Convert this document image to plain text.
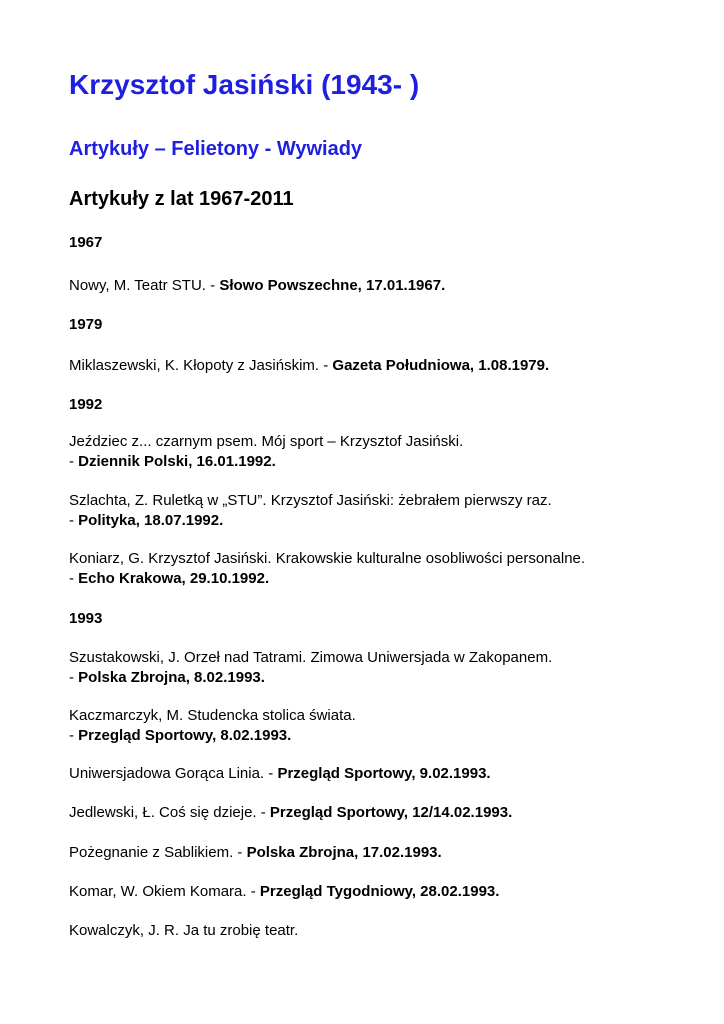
Krzysztof Jasiński (1943- )
Artykuły – Felietony - Wywiady
Artykuły z lat 1967-2011
1967
Nowy, M. Teatr STU. - Słowo Powszechne, 17.01.1967.
1979
Miklaszewski, K. Kłopoty z Jasińskim. - Gazeta Południowa, 1.08.1979.
1992
Jeździec z... czarnym psem. Mój sport – Krzysztof Jasiński.
- Dziennik Polski, 16.01.1992.
Szlachta, Z. Ruletką w „STU”. Krzysztof Jasiński: żebrałem pierwszy raz.
- Polityka, 18.07.1992.
Koniarz, G. Krzysztof Jasiński. Krakowskie kulturalne osobliwości personalne.
- Echo Krakowa, 29.10.1992.
1993
Szustakowski, J. Orzeł nad Tatrami. Zimowa Uniwersjada w Zakopanem.
- Polska Zbrojna, 8.02.1993.
Kaczmarczyk, M. Studencka stolica świata.
- Przegląd Sportowy, 8.02.1993.
Uniwersjadowa Gorąca Linia. - Przegląd Sportowy, 9.02.1993.
Jedlewski, Ł. Coś się dzieje. - Przegląd Sportowy, 12/14.02.1993.
Pożegnanie z Sablikiem. - Polska Zbrojna, 17.02.1993.
Komar, W. Okiem Komara. - Przegląd Tygodniowy, 28.02.1993.
Kowalczyk, J. R. Ja tu zrobię teatr.
